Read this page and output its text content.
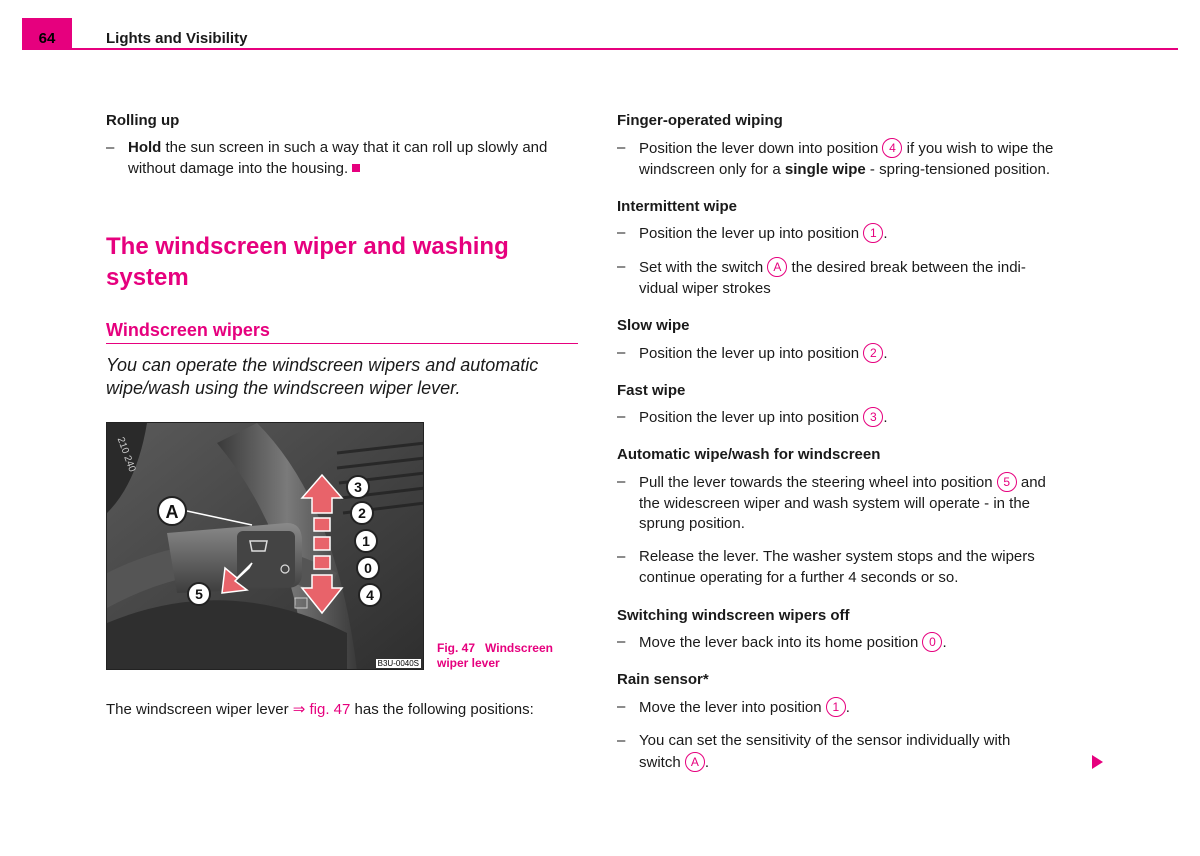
64	Lights and Visibility
Rolling up
– Hold the sun screen in such a way that it can roll up slowly and
without damage into the housing.
The windscreen wiper and washing system
Windscreen wipers
You can operate the windscreen wipers and automatic wipe/wash using the windscreen wiper lever.
210 240
A
3
2
1
0
4
5
B3U-0040S
Fig. 47 Windscreen wiper lever
The windscreen wiper lever ⇒ fig. 47 has the following positions:
Finger-operated wiping
– Position the lever down into position 4 if you wish to wipe the
windscreen only for a single wipe - spring-tensioned position.
Intermittent wipe
– Position the lever up into position 1 .
– Set with the switch A the desired break between the indi-
vidual wiper strokes
Slow wipe
– Position the lever up into position 2 .
Fast wipe
– Position the lever up into position 3 .
Automatic wipe/wash for windscreen
– Pull the lever towards the steering wheel into position 5 and
the widescreen wiper and wash system will operate - in the
sprung position.
– Release the lever. The washer system stops and the wipers
continue operating for a further 4 seconds or so.
Switching windscreen wipers off
– Move the lever back into its home position 0 .
Rain sensor*
– Move the lever into position 1 .
– You can set the sensitivity of the sensor individually with
switch A .
